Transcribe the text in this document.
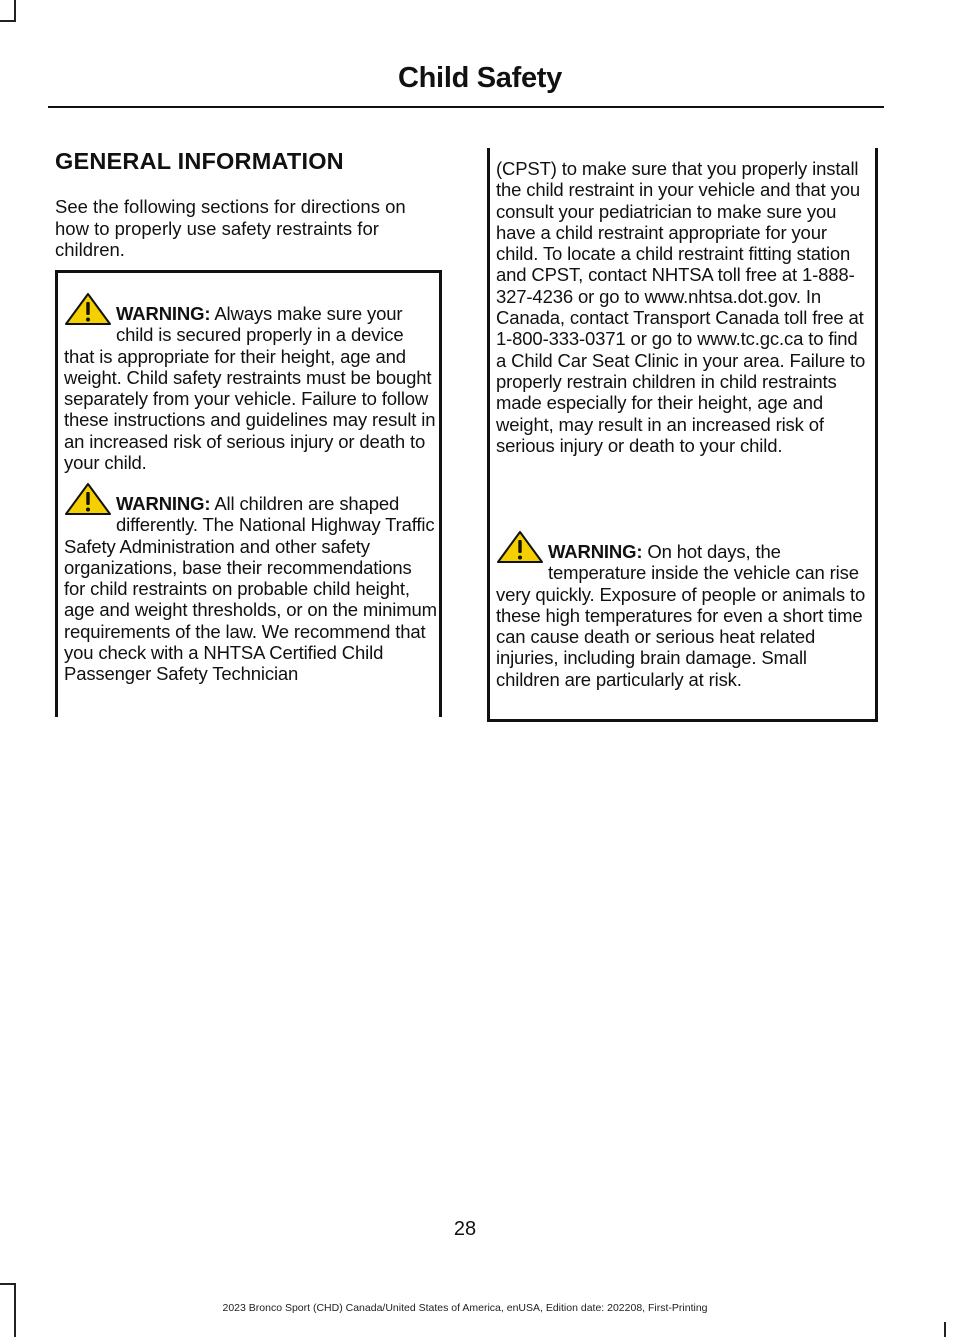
Child Safety
GENERAL INFORMATION

See the following sections for directions on how to properly use safety restraints for children.

WARNING: Always make sure your child is secured properly in a device that is appropriate for their height, age and weight. Child safety restraints must be bought separately from your vehicle. Failure to follow these instructions and guidelines may result in an increased risk of serious injury or death to your child.

WARNING: All children are shaped differently. The National Highway Traffic Safety Administration and other safety organizations, base their recommendations for child restraints on probable child height, age and weight thresholds, or on the minimum requirements of the law. We recommend that you check with a NHTSA Certified Child Passenger Safety Technician

(CPST) to make sure that you properly install the child restraint in your vehicle and that you consult your pediatrician to make sure you have a child restraint appropriate for your child. To locate a child restraint fitting station and CPST, contact NHTSA toll free at 1-888-327-4236 or go to www.nhtsa.dot.gov. In Canada, contact Transport Canada toll free at 1-800-333-0371 or go to www.tc.gc.ca to find a Child Car Seat Clinic in your area. Failure to properly restrain children in child restraints made especially for their height, age and weight, may result in an increased risk of serious injury or death to your child.

WARNING: On hot days, the temperature inside the vehicle can rise very quickly. Exposure of people or animals to these high temperatures for even a short time can cause death or serious heat related injuries, including brain damage. Small children are particularly at risk.

28
2023 Bronco Sport (CHD) Canada/United States of America, enUSA, Edition date: 202208, First-Printing
